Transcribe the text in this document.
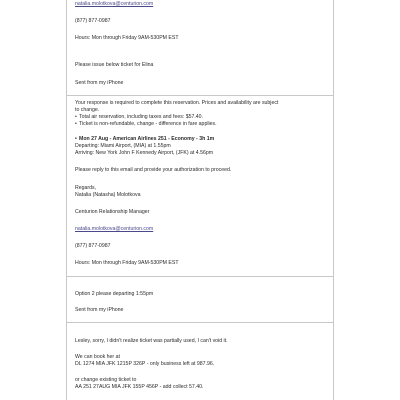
natalia.molotkova@centurion.com
(877) 877-0987
Hours: Mon through Friday 9AM-530PM EST
Please issue below ticket for Elina
Sent from my iPhone
Your response is required to complete this reservation. Prices and availability are subject
to change.
• Total air reservation, including taxes and fees: $57.40.
• Ticket is non-refundable, change - difference in fare applies.
• Mon 27 Aug - American Airlines 251 - Economy - 3h 1m
Departing: Miami Airport, (MIA) at 1.55pm
Arriving: New York John F Kennedy Airport, (JFK) at 4.56pm
Please reply to this email and provide your authorization to proceed.
Regards,
Natalia (Natasha) Molotkova
Centurion Relationship Manager
natalia.molotkova@centurion.com
(877) 877-0987
Hours: Mon through Friday 9AM-530PM EST
Option 2 please departing 1:55pm
Sent from my iPhone
Lesley, sorry, I didn't realize ticket was partially used, I can't void it.
We can book her at
DL 1274 MIA JFK 1215P 326P - only business left at 987.96.
or change existing ticket to
AA 251 27AUG MIA JFK 155P 456P - add collect 57.40.
